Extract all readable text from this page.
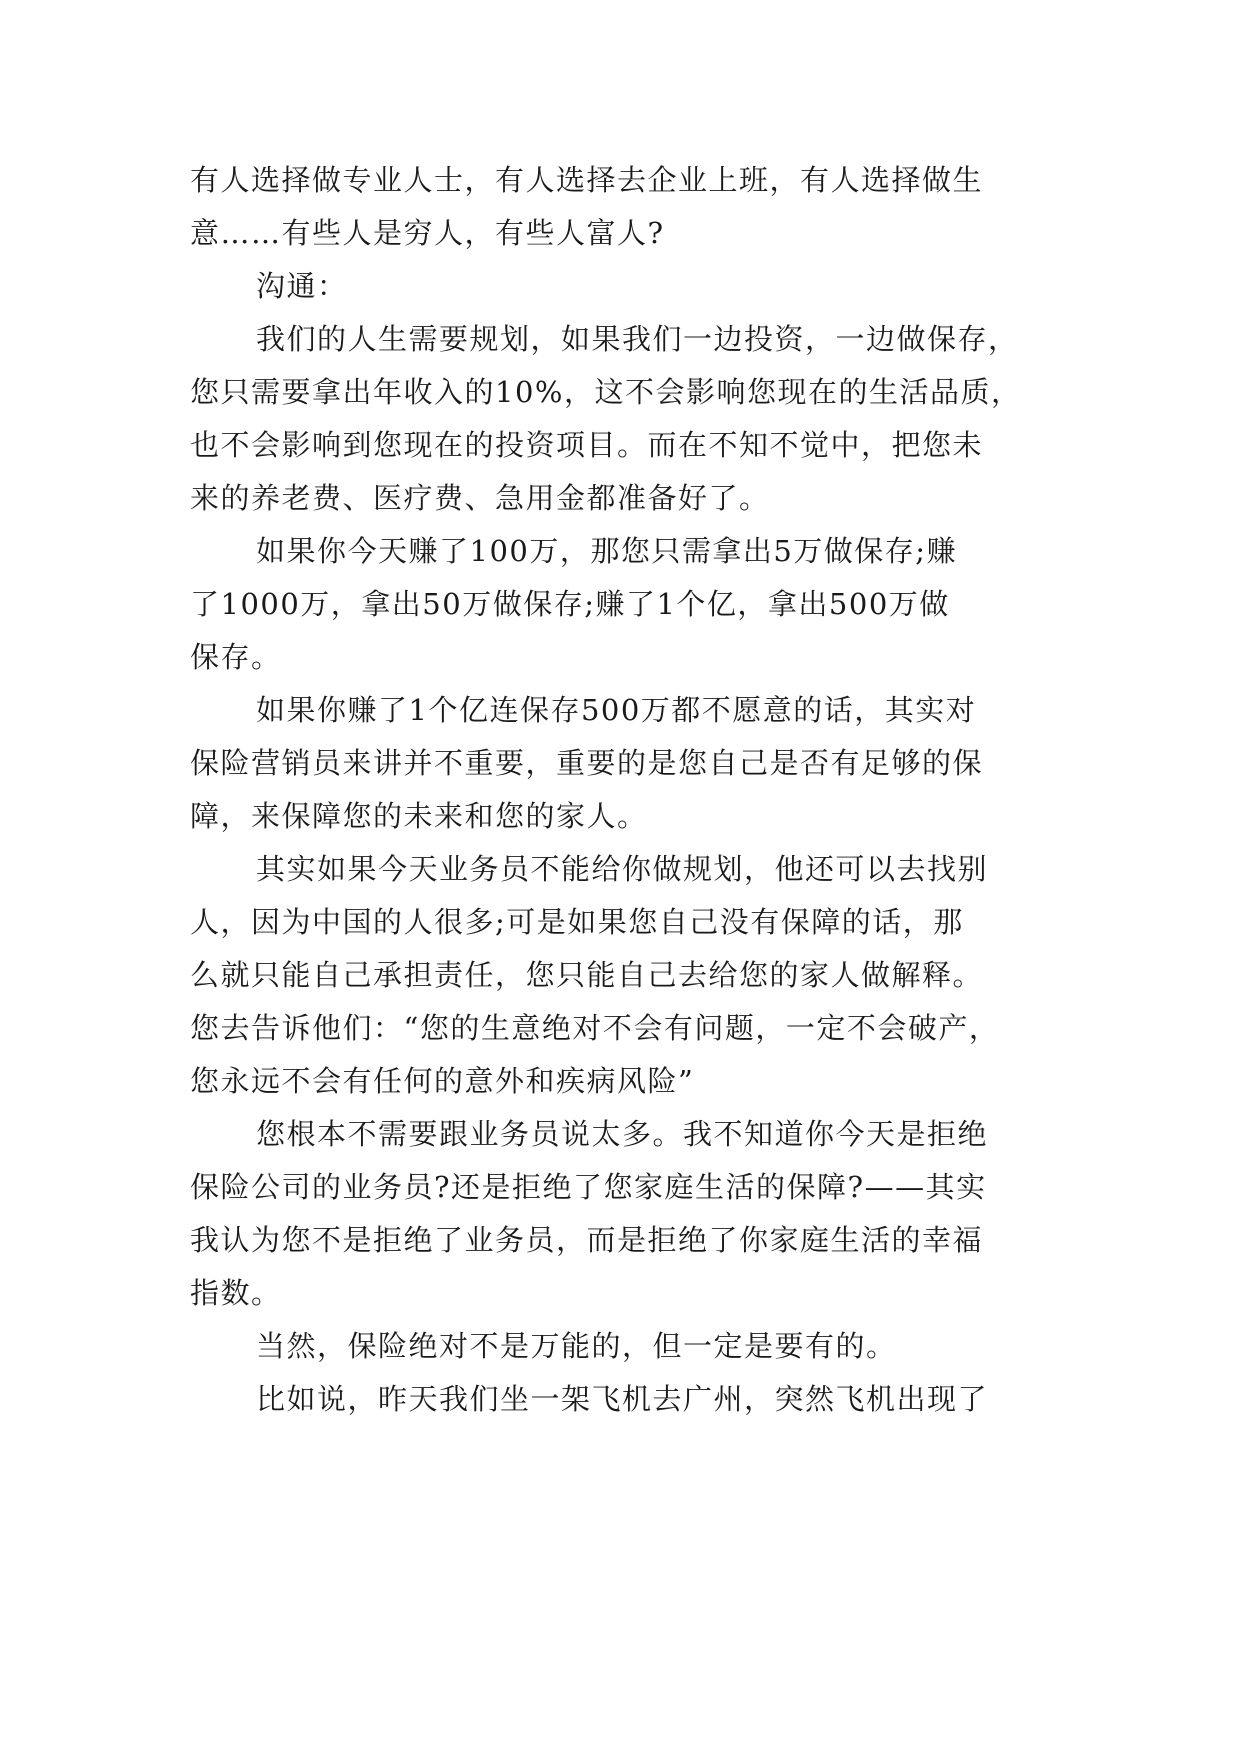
有人选择做专业人士，有人选择去企业上班，有人选择做生
意……有些人是穷人，有些人富人?
沟通：
我们的人生需要规划，如果我们一边投资，一边做保存，
您只需要拿出年收入的10%，这不会影响您现在的生活品质，
也不会影响到您现在的投资项目。而在不知不觉中，把您未
来的养老费、医疗费、急用金都准备好了。
如果你今天赚了100万，那您只需拿出5万做保存;赚
了1000万，拿出50万做保存;赚了1个亿，拿出500万做
保存。
如果你赚了1个亿连保存500万都不愿意的话，其实对
保险营销员来讲并不重要，重要的是您自己是否有足够的保
障，来保障您的未来和您的家人。
其实如果今天业务员不能给你做规划，他还可以去找别
人，因为中国的人很多;可是如果您自己没有保障的话，那
么就只能自己承担责任，您只能自己去给您的家人做解释。
您去告诉他们：“您的生意绝对不会有问题，一定不会破产，
您永远不会有任何的意外和疾病风险”
您根本不需要跟业务员说太多。我不知道你今天是拒绝
保险公司的业务员?还是拒绝了您家庭生活的保障?——其实
我认为您不是拒绝了业务员，而是拒绝了你家庭生活的幸福
指数。
当然，保险绝对不是万能的，但一定是要有的。
比如说，昨天我们坐一架飞机去广州，突然飞机出现了
